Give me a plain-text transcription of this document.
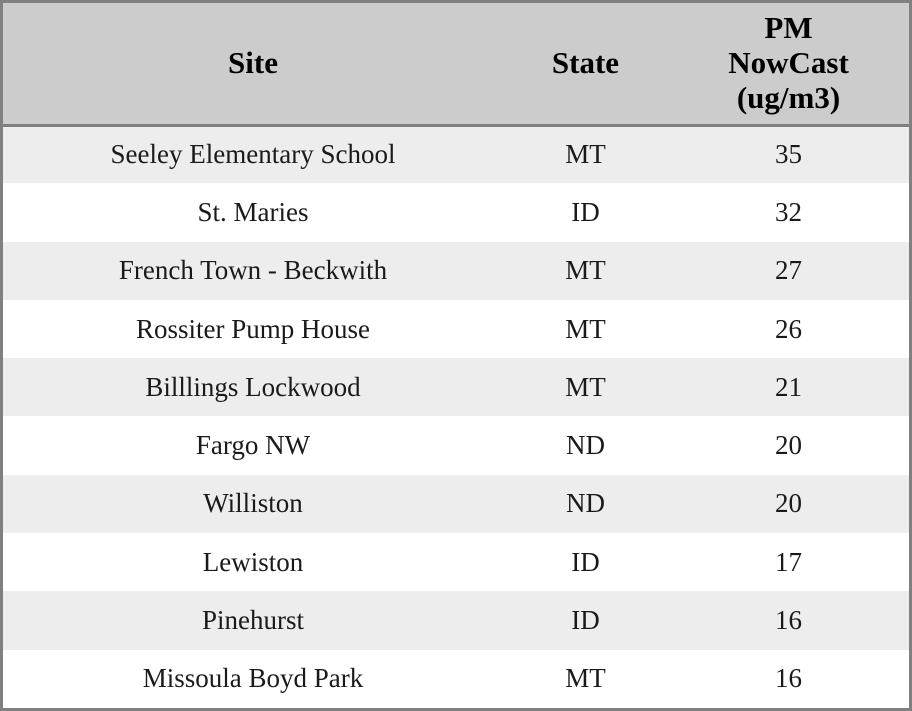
Site	State	PM
NowCast
(ug/m3)
Seeley Elementary School	MT	35
St. Maries	ID	32
French Town - Beckwith	MT	27
Rossiter Pump House	MT	26
Billlings Lockwood	MT	21
Fargo NW	ND	20
Williston	ND	20
Lewiston	ID	17
Pinehurst	ID	16
Missoula Boyd Park	MT	16
